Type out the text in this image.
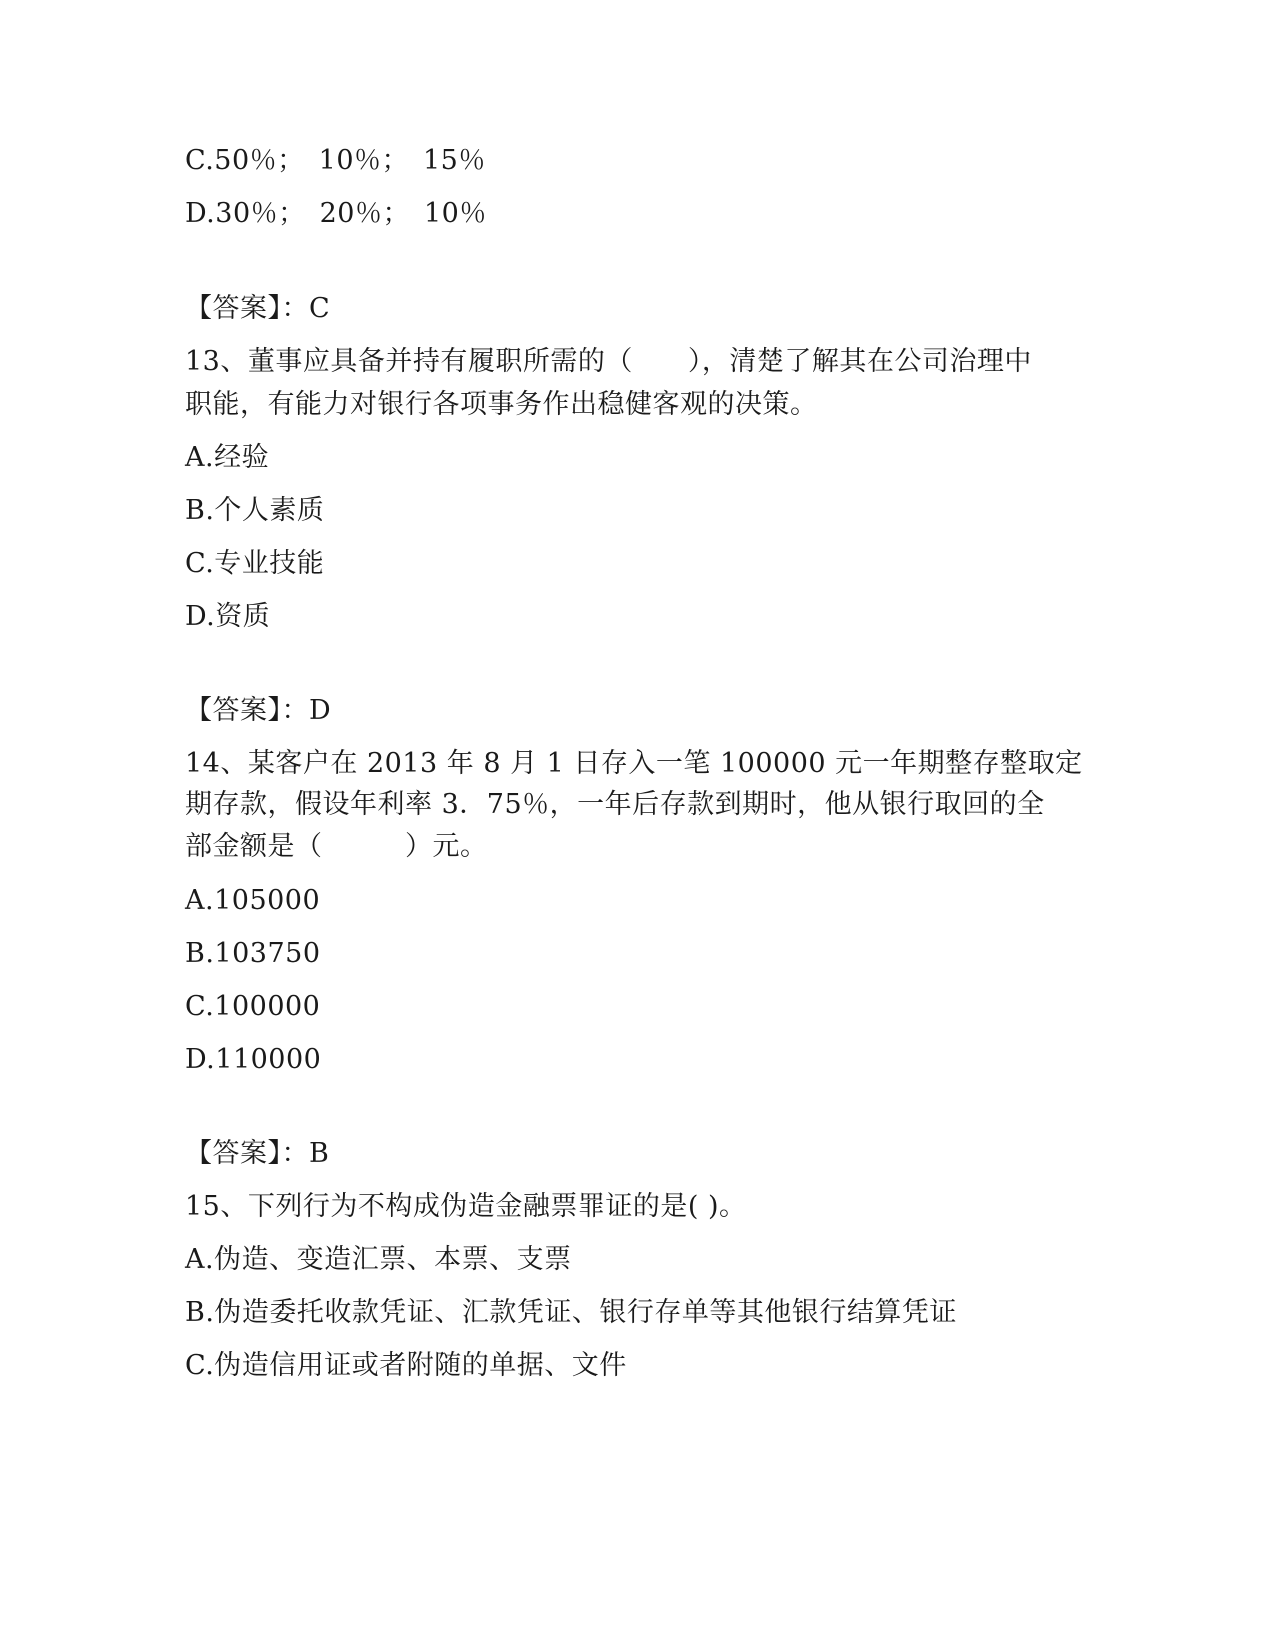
C.50％；　10％；　15％
D.30％；　20％；　10％
【答案】：C
13、董事应具备并持有履职所需的（　　），清楚了解其在公司治理中
职能，有能力对银行各项事务作出稳健客观的决策。
A.经验
B.个人素质
C.专业技能
D.资质
【答案】：D
14、某客户在 2013 年 8 月 1 日存入一笔 100000 元一年期整存整取定
期存款，假设年利率 3．75％，一年后存款到期时，他从银行取回的全
部金额是（　　　）元。
A.105000
B.103750
C.100000
D.110000
【答案】：B
15、下列行为不构成伪造金融票罪证的是( )。
A.伪造、变造汇票、本票、支票
B.伪造委托收款凭证、汇款凭证、银行存单等其他银行结算凭证
C.伪造信用证或者附随的单据、文件
